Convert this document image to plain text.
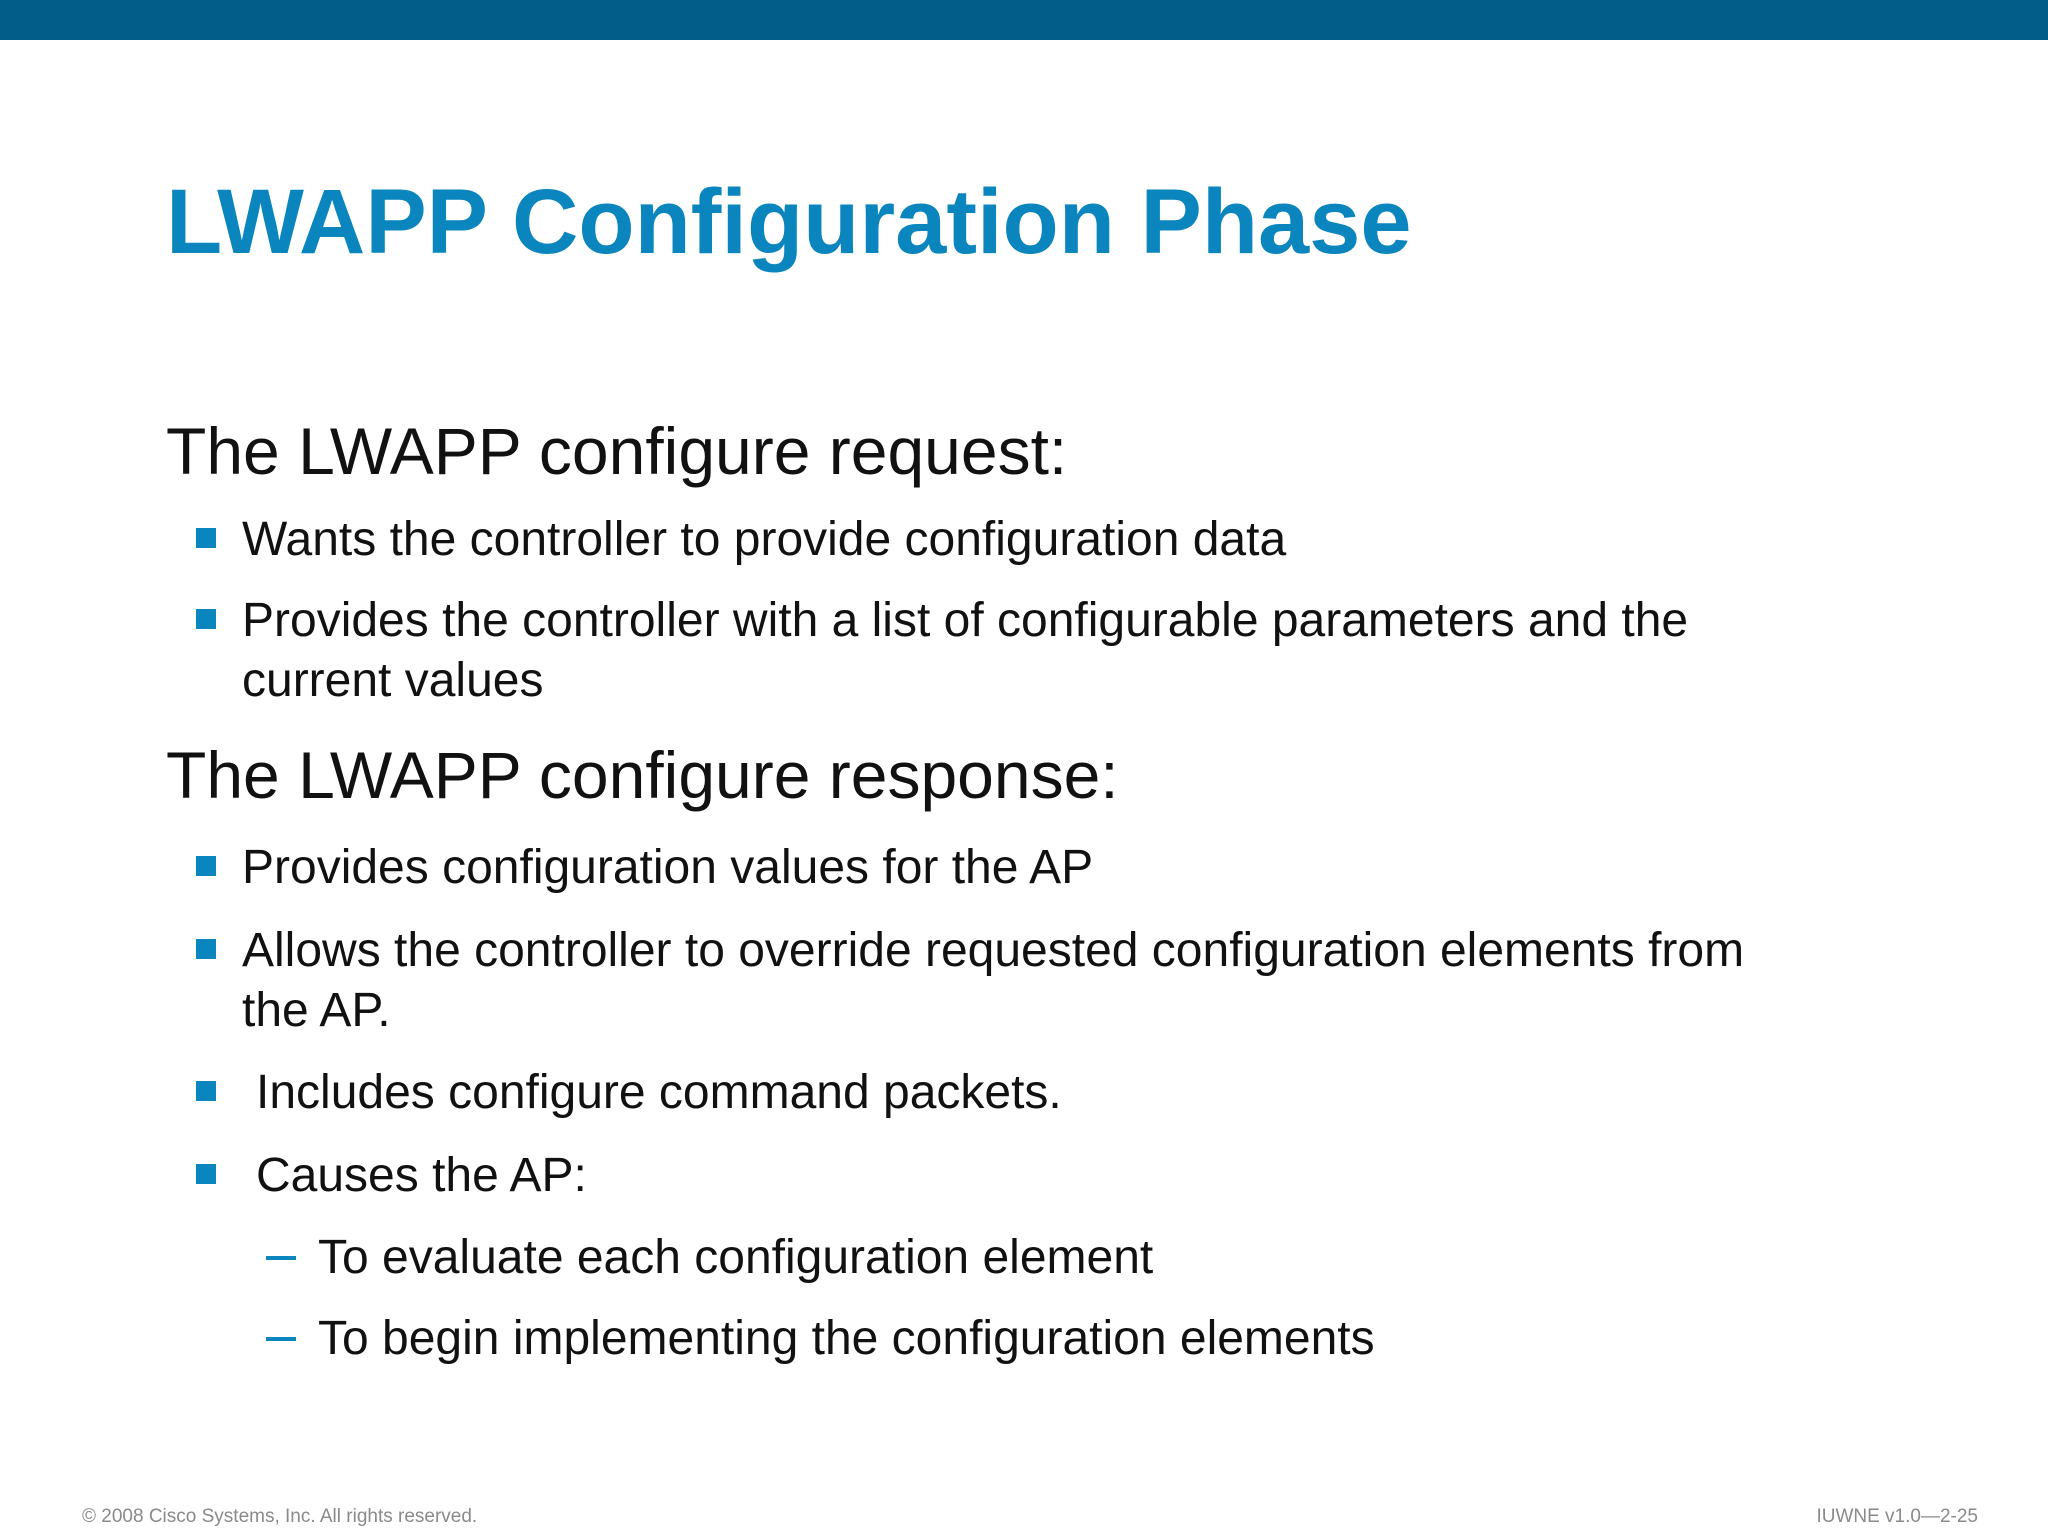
LWAPP Configuration Phase
The LWAPP configure request:

Wants the controller to provide configuration data

Provides the controller with a list of configurable parameters and the

current values

The LWAPP configure response:

Provides configuration values for the AP

Allows the controller to override requested configuration elements from

the AP.

Includes configure command packets.

Causes the AP:

To evaluate each configuration element

To begin implementing the configuration elements

© 2008 Cisco Systems, Inc. All rights reserved.	IUWNE v1.0—2-25
